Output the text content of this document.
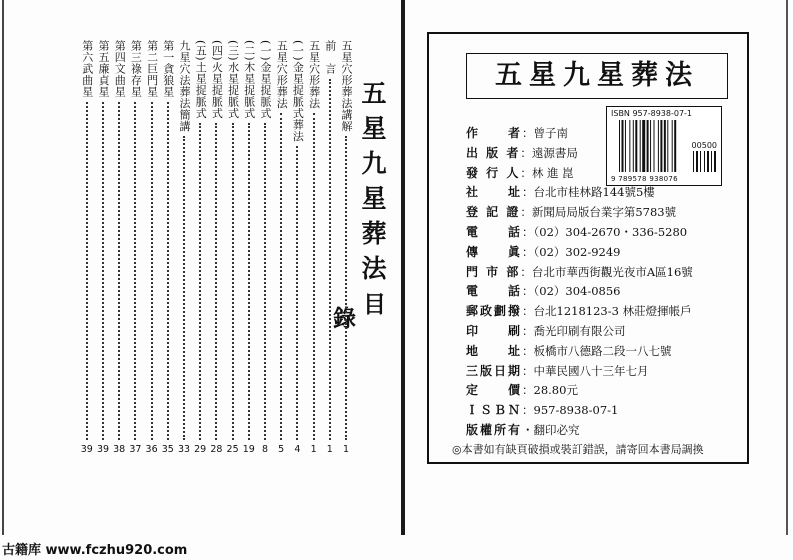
五星九星葬法
目
錄
五星穴形葬法講解
1
前　言
1
五星穴形葬法
1
(一)金星捉脈式葬法
4
五星穴形葬法
5
(一)金星捉脈式
8
(二)木星捉脈式
19
(三)水星捉脈式
25
(四)火星捉脈式
28
(五)土星捉脈式
29
九星穴法葬法簡講
33
第一貪狼星
35
第二巨門星
36
第三祿存星
37
第四文曲星
38
第五廉貞星
39
第六武曲星
39
五星九星葬法
ISBN 957-8938-07-1
00500
9 789578 938076
作　　者：曾子南
出 版 者：遠源書局
發 行 人：林 進 崑
社　　址：台北市桂林路144號5樓
登 記 證：新聞局局版台業字第5783號
電　　話：（02）304-2670・336-5280
傳　　眞：（02）302-9249
門 市 部：台北市華西街觀光夜市A區16號
電　　話：（02）304-0856
郵政劃撥：台北1218123-3 林莊燈揮帳戶
印　　刷：喬光印刷有限公司
地　　址：板橋市八德路二段一八七號
三版日期：中華民國八十三年七月
定　　價：28.80元
ＩＳＢＮ：957-8938-07-1
版權所有・翻印必究
◎本書如有缺頁破損或裝訂錯誤，請寄回本書局調換
古籍库 www.fczhu920.com
